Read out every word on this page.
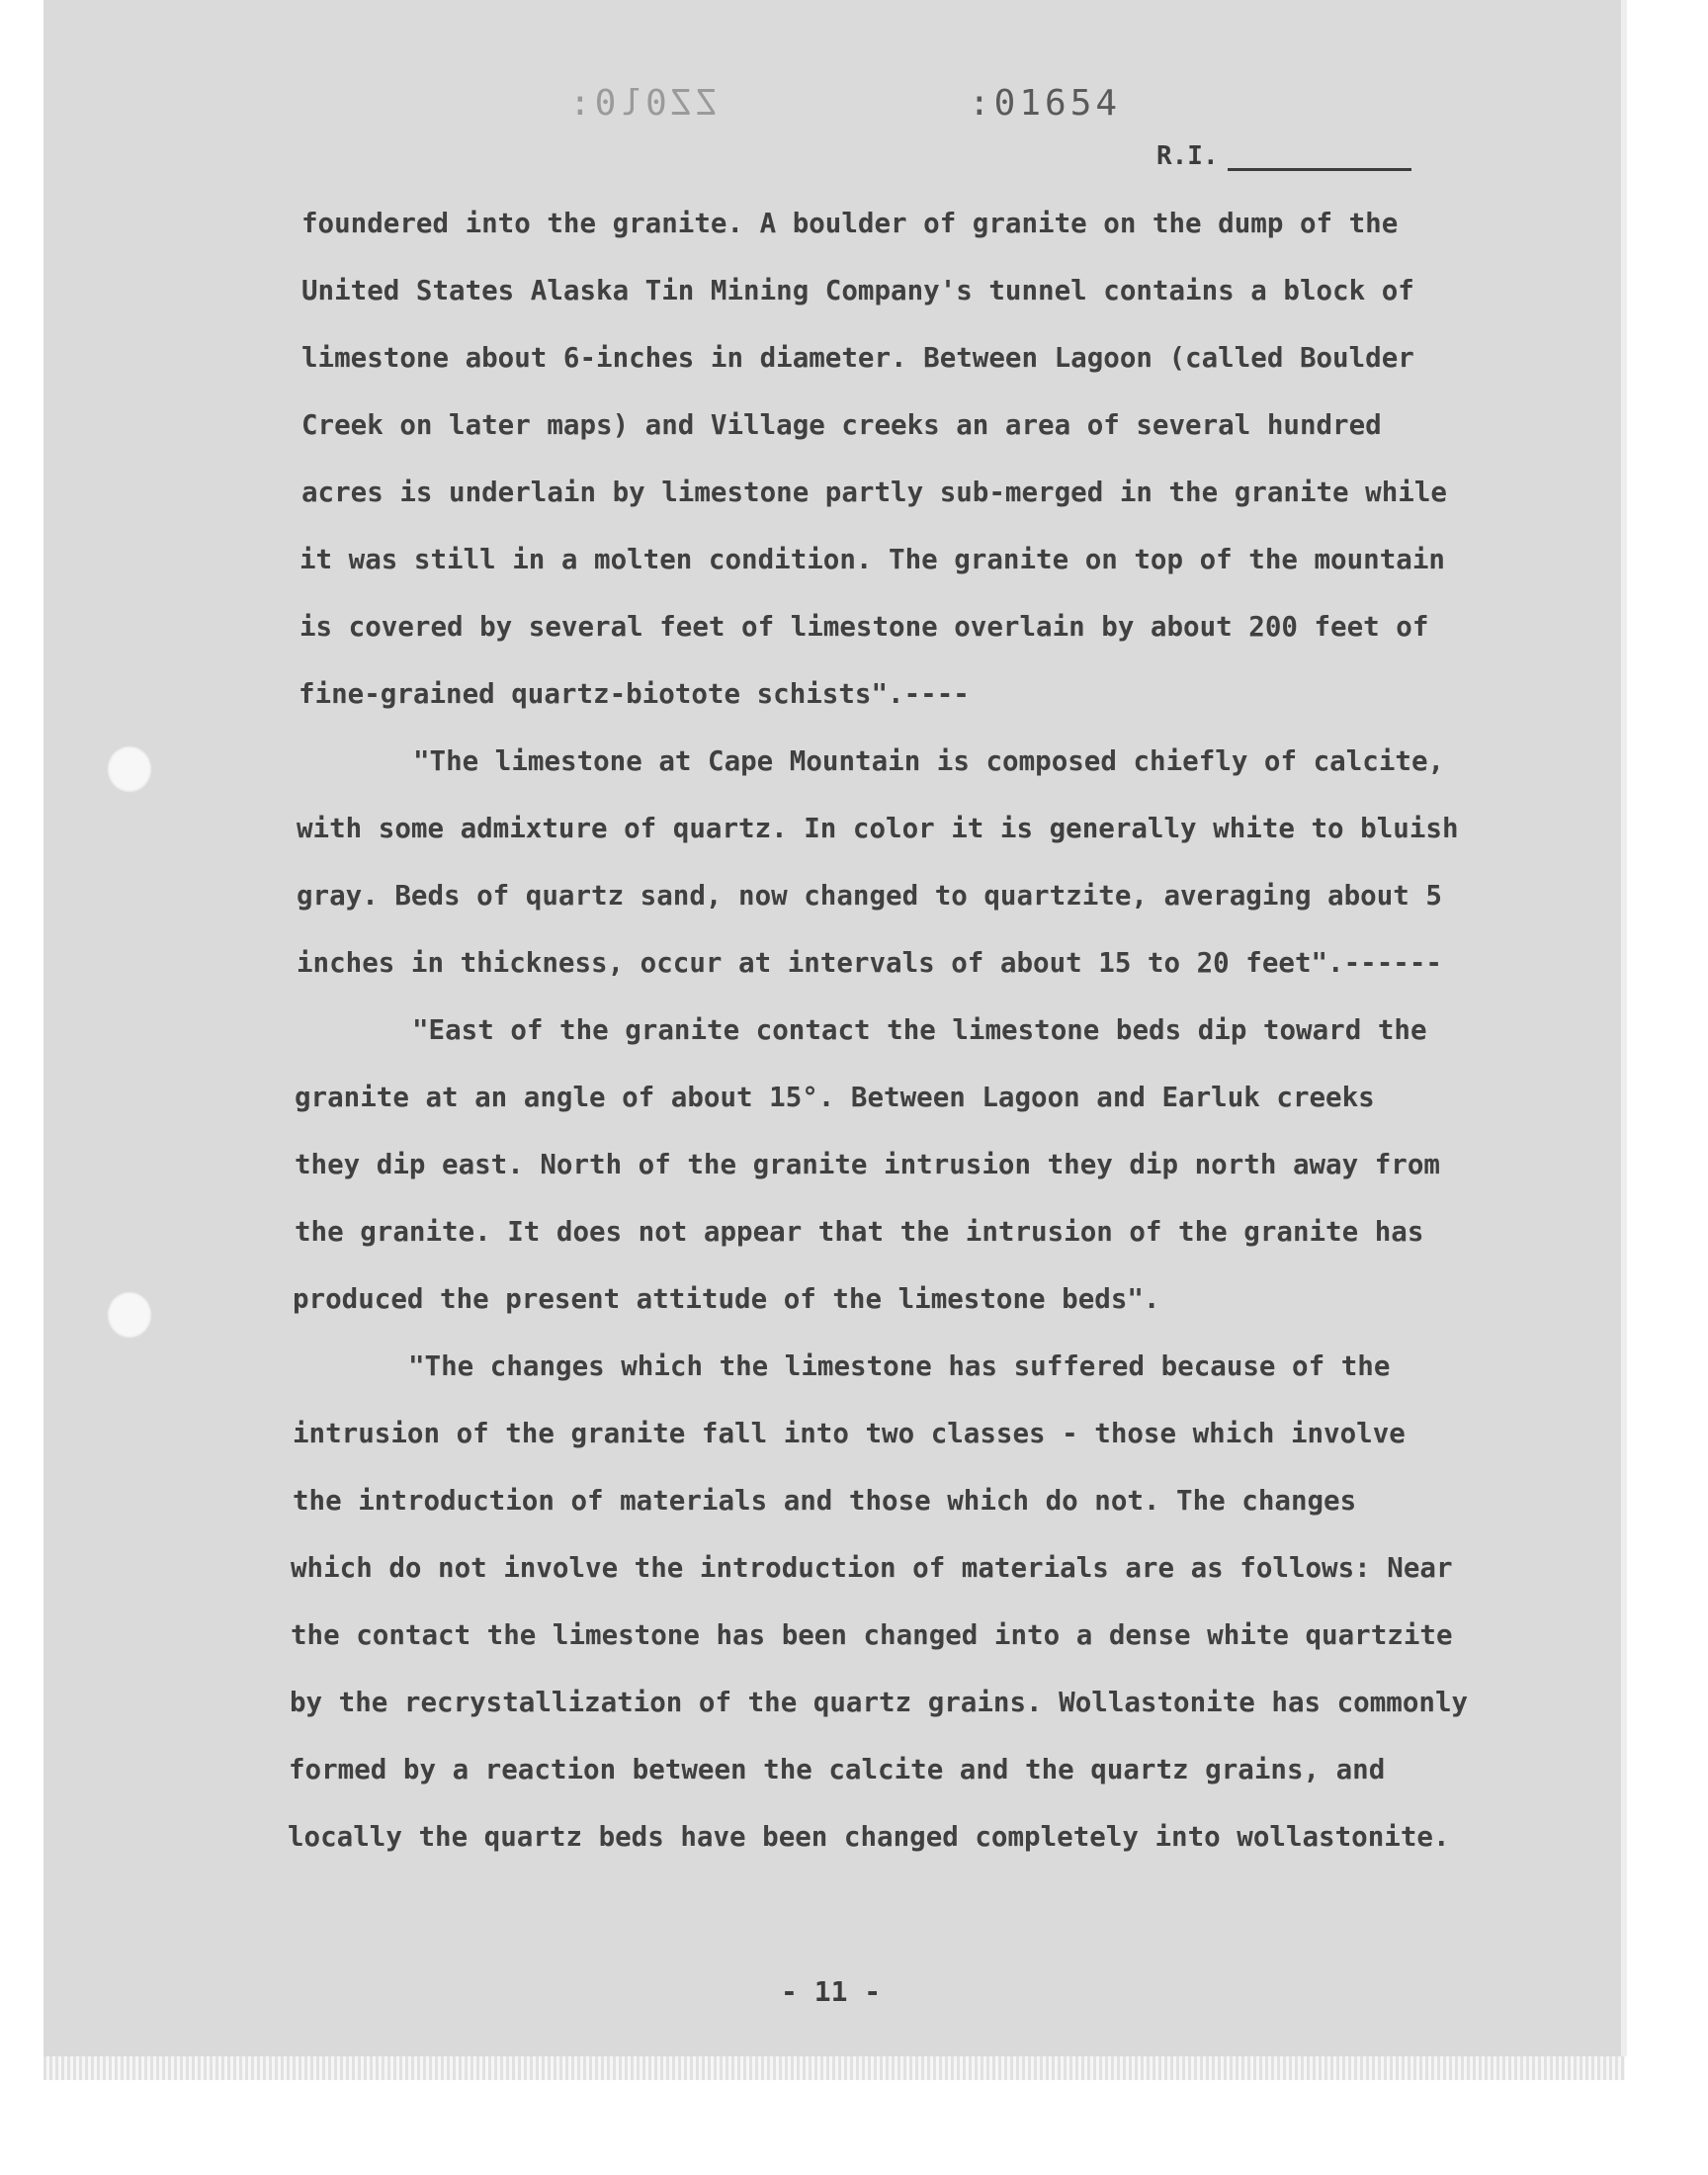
ZZ0l0:	:01654
R.I.

foundered into the granite. A boulder of granite on the dump of the

United States Alaska Tin Mining Company's tunnel contains a block of

limestone about 6-inches in diameter. Between Lagoon (called Boulder

Creek on later maps) and Village creeks an area of several hundred

acres is underlain by limestone partly sub-merged in the granite while

it was still in a molten condition. The granite on top of the mountain

is covered by several feet of limestone overlain by about 200 feet of

fine-grained quartz-biotote schists".----

"The limestone at Cape Mountain is composed chiefly of calcite,

with some admixture of quartz. In color it is generally white to bluish

gray. Beds of quartz sand, now changed to quartzite, averaging about 5

inches in thickness, occur at intervals of about 15 to 20 feet".------

"East of the granite contact the limestone beds dip toward the

granite at an angle of about 15°. Between Lagoon and Earluk creeks

they dip east. North of the granite intrusion they dip north away from

the granite. It does not appear that the intrusion of the granite has

produced the present attitude of the limestone beds".

"The changes which the limestone has suffered because of the

intrusion of the granite fall into two classes - those which involve

the introduction of materials and those which do not. The changes

which do not involve the introduction of materials are as follows: Near

the contact the limestone has been changed into a dense white quartzite

by the recrystallization of the quartz grains. Wollastonite has commonly

formed by a reaction between the calcite and the quartz grains, and

locally the quartz beds have been changed completely into wollastonite.

- 11 -
